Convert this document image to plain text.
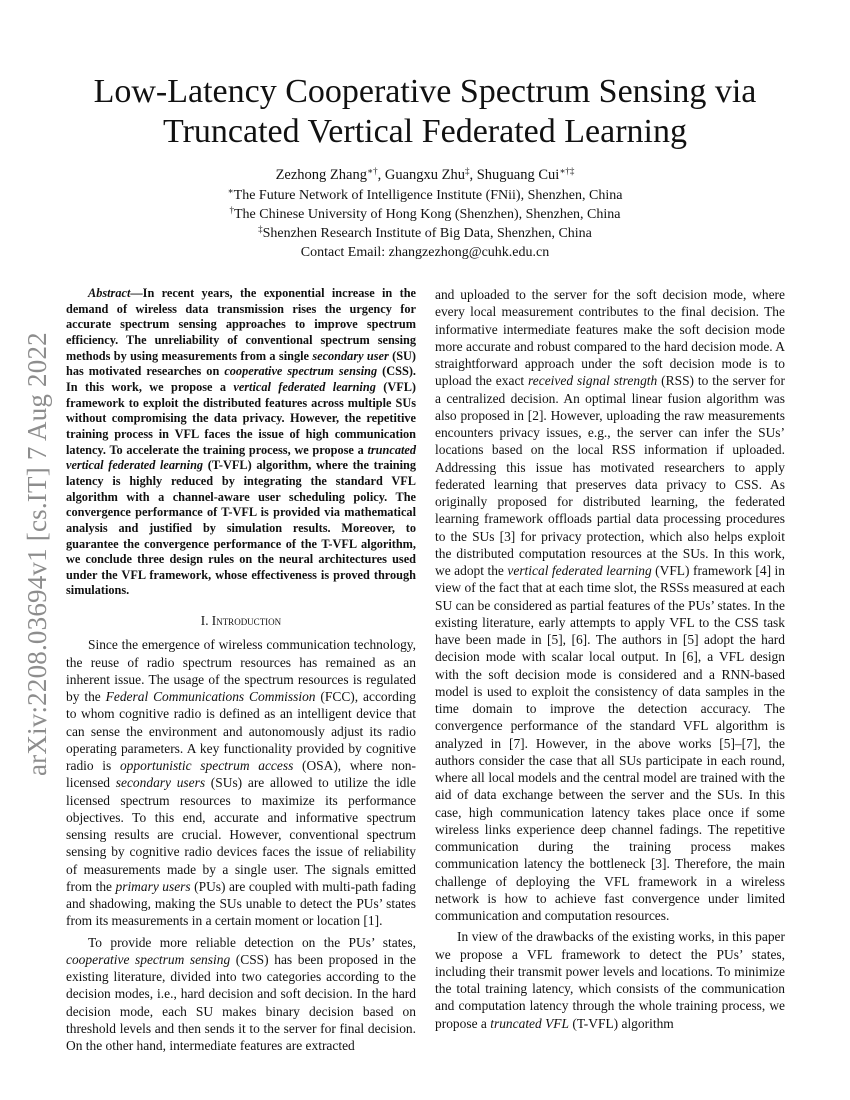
arXiv:2208.03694v1 [cs.IT] 7 Aug 2022
Low-Latency Cooperative Spectrum Sensing via
Truncated Vertical Federated Learning
Zezhong Zhang∗†, Guangxu Zhu‡, Shuguang Cui∗†‡
∗The Future Network of Intelligence Institute (FNii), Shenzhen, China
†The Chinese University of Hong Kong (Shenzhen), Shenzhen, China
‡Shenzhen Research Institute of Big Data, Shenzhen, China
Contact Email: zhangzezhong@cuhk.edu.cn

Abstract—In recent years, the exponential increase in the demand of wireless data transmission rises the urgency for accurate spectrum sensing approaches to improve spectrum efficiency. The unreliability of conventional spectrum sensing methods by using measurements from a single secondary user (SU) has motivated researches on cooperative spectrum sensing (CSS). In this work, we propose a vertical federated learning (VFL) framework to exploit the distributed features across multiple SUs without compromising the data privacy. However, the repetitive training process in VFL faces the issue of high communication latency. To accelerate the training process, we propose a truncated vertical federated learning (T-VFL) algorithm, where the training latency is highly reduced by integrating the standard VFL algorithm with a channel-aware user scheduling policy. The convergence performance of T-VFL is provided via mathematical analysis and justified by simulation results. Moreover, to guarantee the convergence performance of the T-VFL algorithm, we conclude three design rules on the neural architectures used under the VFL framework, whose effectiveness is proved through simulations.

I. Introduction

Since the emergence of wireless communication technology, the reuse of radio spectrum resources has remained as an inherent issue. The usage of the spectrum resources is regulated by the Federal Communications Commission (FCC), according to whom cognitive radio is defined as an intelligent device that can sense the environment and autonomously adjust its radio operating parameters. A key functionality provided by cognitive radio is opportunistic spectrum access (OSA), where non-licensed secondary users (SUs) are allowed to utilize the idle licensed spectrum resources to maximize its performance objectives. To this end, accurate and informative spectrum sensing results are crucial. However, conventional spectrum sensing by cognitive radio devices faces the issue of reliability of measurements made by a single user. The signals emitted from the primary users (PUs) are coupled with multi-path fading and shadowing, making the SUs unable to detect the PUs’ states from its measurements in a certain moment or location [1].

To provide more reliable detection on the PUs’ states, cooperative spectrum sensing (CSS) has been proposed in the existing literature, divided into two categories according to the decision modes, i.e., hard decision and soft decision. In the hard decision mode, each SU makes binary decision based on threshold levels and then sends it to the server for final decision. On the other hand, intermediate features are extracted

and uploaded to the server for the soft decision mode, where every local measurement contributes to the final decision. The informative intermediate features make the soft decision mode more accurate and robust compared to the hard decision mode. A straightforward approach under the soft decision mode is to upload the exact received signal strength (RSS) to the server for a centralized decision. An optimal linear fusion algorithm was also proposed in [2]. However, uploading the raw measurements encounters privacy issues, e.g., the server can infer the SUs’ locations based on the local RSS information if uploaded. Addressing this issue has motivated researchers to apply federated learning that preserves data privacy to CSS. As originally proposed for distributed learning, the federated learning framework offloads partial data processing procedures to the SUs [3] for privacy protection, which also helps exploit the distributed computation resources at the SUs. In this work, we adopt the vertical federated learning (VFL) framework [4] in view of the fact that at each time slot, the RSSs measured at each SU can be considered as partial features of the PUs’ states. In the existing literature, early attempts to apply VFL to the CSS task have been made in [5], [6]. The authors in [5] adopt the hard decision mode with scalar local output. In [6], a VFL design with the soft decision mode is considered and a RNN-based model is used to exploit the consistency of data samples in the time domain to improve the detection accuracy. The convergence performance of the standard VFL algorithm is analyzed in [7]. However, in the above works [5]–[7], the authors consider the case that all SUs participate in each round, where all local models and the central model are trained with the aid of data exchange between the server and the SUs. In this case, high communication latency takes place once if some wireless links experience deep channel fadings. The repetitive communication during the training process makes communication latency the bottleneck [3]. Therefore, the main challenge of deploying the VFL framework in a wireless network is how to achieve fast convergence under limited communication and computation resources.

In view of the drawbacks of the existing works, in this paper we propose a VFL framework to detect the PUs’ states, including their transmit power levels and locations. To minimize the total training latency, which consists of the communication and computation latency through the whole training process, we propose a truncated VFL (T-VFL) algorithm
